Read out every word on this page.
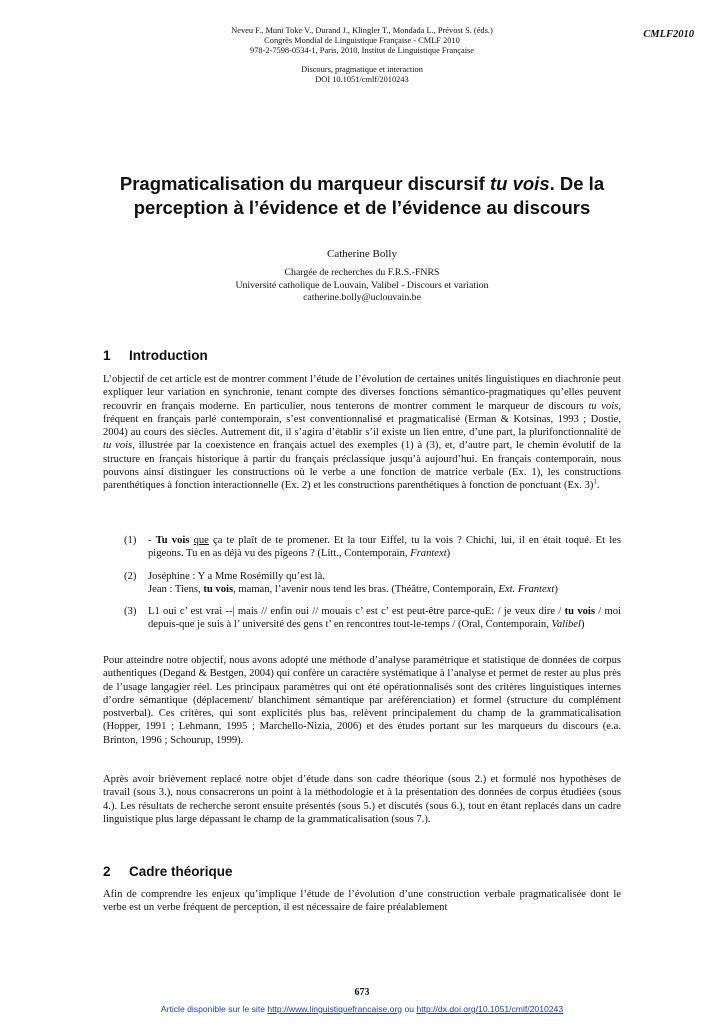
Neveu F., Muni Toke V., Durand J., Klingler T., Mondada L., Prévost S. (éds.)
Congrès Mondial de Linguistique Française - CMLF 2010
978-2-7598-0534-1, Paris, 2010, Institut de Linguistique Française
Discours, pragmatique et interaction
DOI 10.1051/cmlf/2010243
CMLF2010
Pragmaticalisation du marqueur discursif tu vois. De la
perception à l’évidence et de l’évidence au discours
Catherine Bolly
Chargée de recherches du F.R.S.-FNRS
Université catholique de Louvain, Valibel - Discours et variation
catherine.bolly@uclouvain.be
1 Introduction

L’objectif de cet article est de montrer comment l’étude de l’évolution de certaines unités linguistiques en diachronie peut expliquer leur variation en synchronie, tenant compte des diverses fonctions sémantico-pragmatiques qu’elles peuvent recouvrir en français moderne. En particulier, nous tenterons de montrer comment le marqueur de discours tu vois, fréquent en français parlé contemporain, s’est conventionnalisé et pragmaticalisé (Erman & Kotsinas, 1993 ; Dostie, 2004) au cours des siècles. Autrement dit, il s’agira d’établir s’il existe un lien entre, d’une part, la plurifonctionnalité de tu vois, illustrée par la coexistence en français actuel des exemples (1) à (3), et, d’autre part, le chemin évolutif de la structure en français historique à partir du français préclassique jusqu’à aujourd’hui. En français contemporain, nous pouvons ainsi distinguer les constructions où le verbe a une fonction de matrice verbale (Ex. 1), les constructions parenthétiques à fonction interactionnelle (Ex. 2) et les constructions parenthétiques à fonction de ponctuant (Ex. 3)$^1$.

(1) - Tu vois que ça te plaît de te promener. Et la tour Eiffel, tu la vois ? Chichi, lui, il en était toqué. Et les pigeons. Tu en as déjà vu des pigeons ? (Litt., Contemporain, Frantext)
(2) Joséphine : Y a Mme Rosémilly qu’est là.
Jean : Tiens, tu vois, maman, l’avenir nous tend les bras. (Théâtre, Contemporain, Ext. Frantext)
(3) L1 oui c’ est vrai --| mais // enfin oui // mouais c’ est c’ est peut-être parce-quE: / je veux dire / tu vois / moi depuis-que je suis à l’ université des gens t’ en rencontres tout-le-temps / (Oral, Contemporain, Valibel)

Pour atteindre notre objectif, nous avons adopté une méthode d’analyse paramétrique et statistique de données de corpus authentiques (Degand & Bestgen, 2004) qui confère un caractère systématique à l’analyse et permet de rester au plus près de l’usage langagier réel. Les principaux paramètres qui ont été opérationnalisés sont des critères linguistiques internes d’ordre sémantique (déplacement/ blanchiment sémantique par aréférenciation) et formel (structure du complément postverbal). Ces critères, qui sont explicités plus bas, relèvent principalement du champ de la grammaticalisation (Hopper, 1991 ; Lehmann, 1995 ; Marchello-Nizia, 2006) et des études portant sur les marqueurs du discours (e.a. Brinton, 1996 ; Schourup, 1999).

Après avoir brièvement replacé notre objet d’étude dans son cadre théorique (sous 2.) et formulé nos hypothèses de travail (sous 3.), nous consacrerons un point à la méthodologie et à la présentation des données de corpus étudiées (sous 4.). Les résultats de recherche seront ensuite présentés (sous 5.) et discutés (sous 6.), tout en étant replacés dans un cadre linguistique plus large dépassant le champ de la grammaticalisation (sous 7.).

2 Cadre théorique

Afin de comprendre les enjeux qu’implique l’étude de l’évolution d’une construction verbale pragmaticalisée dont le verbe est un verbe fréquent de perception, il est nécessaire de faire préalablement

673
Article disponible sur le site http://www.linguistiquefrancaise.org ou http://dx.doi.org/10.1051/cmlf/2010243
